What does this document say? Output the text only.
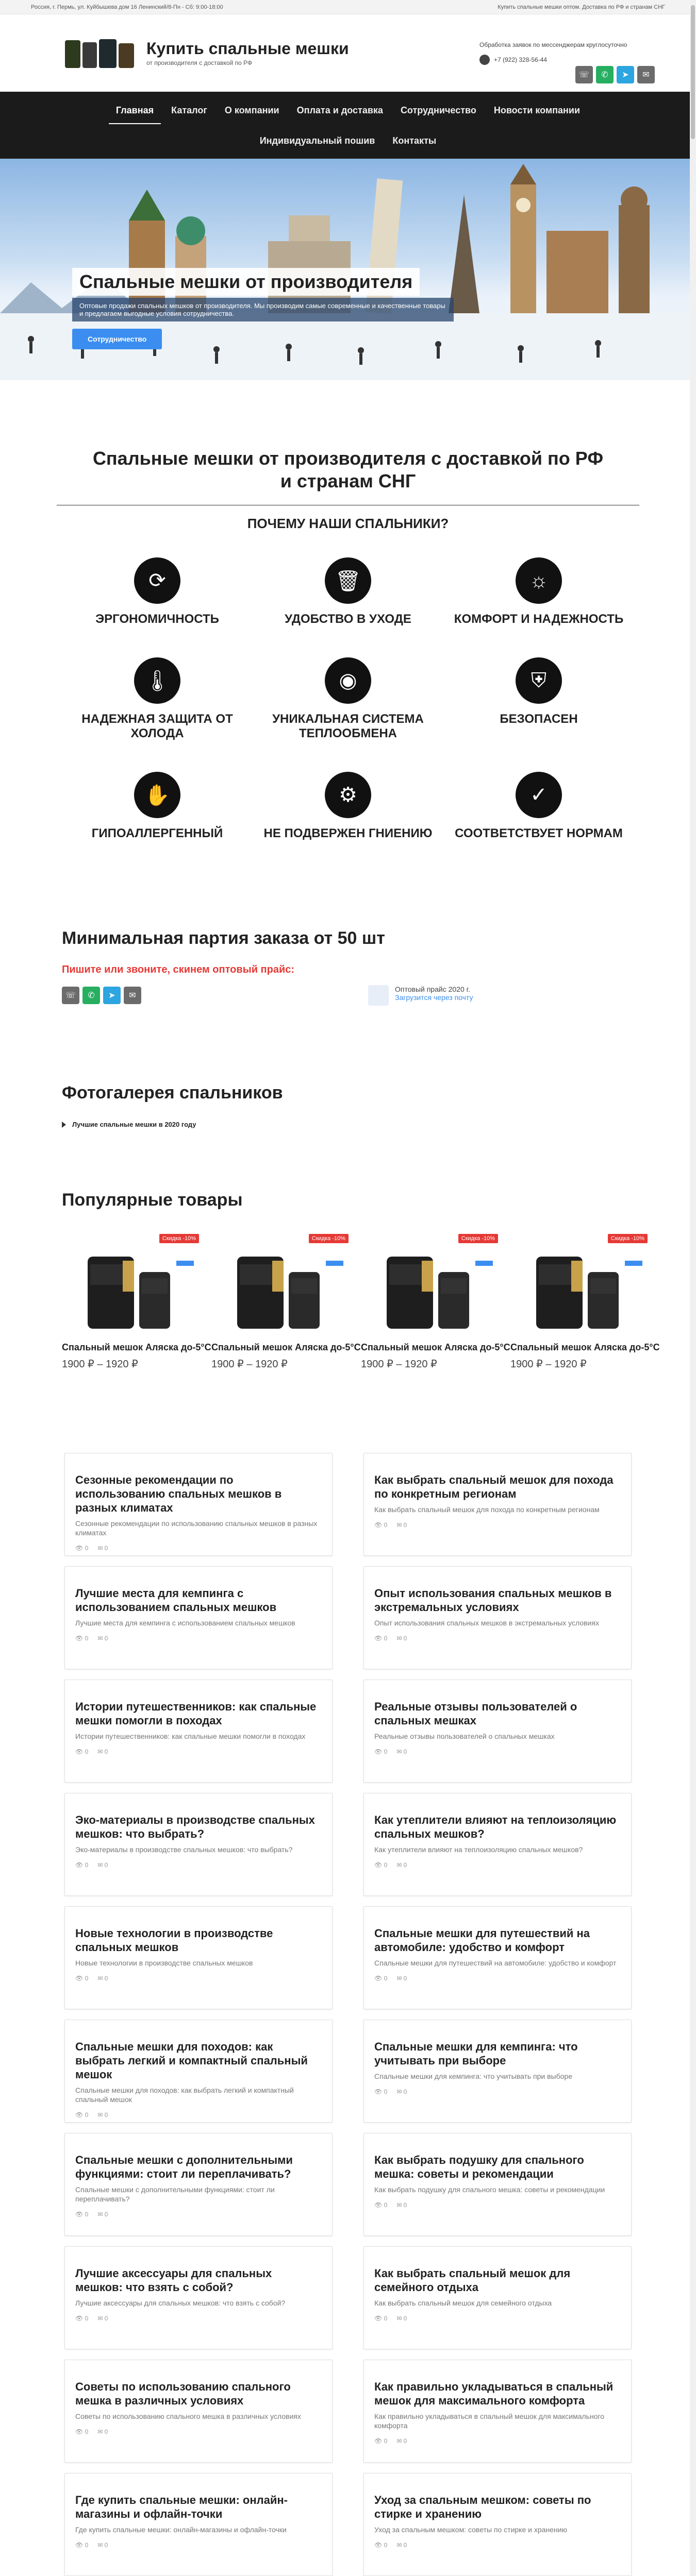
Россия, г. Пермь, ул. Куйбышева дом 16 Ленинский/8-Пн - Сб: 9:00-18:00	Купить спальные мешки оптом. Доставка по РФ и странам СНГ
Купить спальные мешки
от производителя с доставкой по РФ
Обработка заявок по мессенджерам круглосуточно
+7 (922) 328-56-44
☏	✆	➤	✉
Главная	Каталог	О компании	Оплата и доставка	Сотрудничество	Новости компании
Индивидуальный пошив	Контакты
Спальные мешки от производителя
Оптовые продажи спальных мешков от производителя. Мы производим самые современные и качественные товары и предлагаем выгодные условия сотрудничества.
Сотрудничество
Спальные мешки от производителя с доставкой по РФ и странам СНГ
ПОЧЕМУ НАШИ СПАЛЬНИКИ?
⟳
ЭРГОНОМИЧНОСТЬ
🗑
УДОБСТВО В УХОДЕ
☼
КОМФОРТ И НАДЕЖНОСТЬ
🌡
НАДЕЖНАЯ ЗАЩИТА ОТ ХОЛОДА
◉
УНИКАЛЬНАЯ СИСТЕМА ТЕПЛООБМЕНА
⛨
БЕЗОПАСЕН
✋
ГИПОАЛЛЕРГЕННЫЙ
⚙
НЕ ПОДВЕРЖЕН ГНИЕНИЮ
✓
СООТВЕТСТВУЕТ НОРМАМ
Минимальная партия заказа от 50 шт
Пишите или звоните, скинем оптовый прайс:
☏	✆	➤	✉
Оптовый прайс 2020 г.
Загрузится через почту
Фотогалерея спальников
Лучшие спальные мешки в 2020 году
Популярные товары
Скидка -10%
Спальный мешок Аляска до-5°С
1900 ₽ – 1920 ₽
Скидка -10%
Спальный мешок Аляска до-5°С
1900 ₽ – 1920 ₽
Скидка -10%
Спальный мешок Аляска до-5°С
1900 ₽ – 1920 ₽
Скидка -10%
Спальный мешок Аляска до-5°С
1900 ₽ – 1920 ₽
Сезонные рекомендации по использованию спальных мешков в разных климатах
Сезонные рекомендации по использованию спальных мешков в разных климатах
👁 0 ✉ 0
Как выбрать спальный мешок для похода по конкретным регионам
Как выбрать спальный мешок для похода по конкретным регионам
👁 0 ✉ 0
Лучшие места для кемпинга с использованием спальных мешков
Лучшие места для кемпинга с использованием спальных мешков
👁 0 ✉ 0
Опыт использования спальных мешков в экстремальных условиях
Опыт использования спальных мешков в экстремальных условиях
👁 0 ✉ 0
Истории путешественников: как спальные мешки помогли в походах
Истории путешественников: как спальные мешки помогли в походах
👁 0 ✉ 0
Реальные отзывы пользователей о спальных мешках
Реальные отзывы пользователей о спальных мешках
👁 0 ✉ 0
Эко-материалы в производстве спальных мешков: что выбрать?
Эко-материалы в производстве спальных мешков: что выбрать?
👁 0 ✉ 0
Как утеплители влияют на теплоизоляцию спальных мешков?
Как утеплители влияют на теплоизоляцию спальных мешков?
👁 0 ✉ 0
Новые технологии в производстве спальных мешков
Новые технологии в производстве спальных мешков
👁 0 ✉ 0
Спальные мешки для путешествий на автомобиле: удобство и комфорт
Спальные мешки для путешествий на автомобиле: удобство и комфорт
👁 0 ✉ 0
Спальные мешки для походов: как выбрать легкий и компактный спальный мешок
Спальные мешки для походов: как выбрать легкий и компактный спальный мешок
👁 0 ✉ 0
Спальные мешки для кемпинга: что учитывать при выборе
Спальные мешки для кемпинга: что учитывать при выборе
👁 0 ✉ 0
Спальные мешки с дополнительными функциями: стоит ли переплачивать?
Спальные мешки с дополнительными функциями: стоит ли переплачивать?
👁 0 ✉ 0
Как выбрать подушку для спального мешка: советы и рекомендации
Как выбрать подушку для спального мешка: советы и рекомендации
👁 0 ✉ 0
Лучшие аксессуары для спальных мешков: что взять с собой?
Лучшие аксессуары для спальных мешков: что взять с собой?
👁 0 ✉ 0
Как выбрать спальный мешок для семейного отдыха
Как выбрать спальный мешок для семейного отдыха
👁 0 ✉ 0
Советы по использованию спального мешка в различных условиях
Советы по использованию спального мешка в различных условиях
👁 0 ✉ 0
Как правильно укладываться в спальный мешок для максимального комфорта
Как правильно укладываться в спальный мешок для максимального комфорта
👁 0 ✉ 0
Где купить спальные мешки: онлайн-магазины и офлайн-точки
Где купить спальные мешки: онлайн-магазины и офлайн-точки
👁 0 ✉ 0
Уход за спальным мешком: советы по стирке и хранению
Уход за спальным мешком: советы по стирке и хранению
👁 0 ✉ 0
